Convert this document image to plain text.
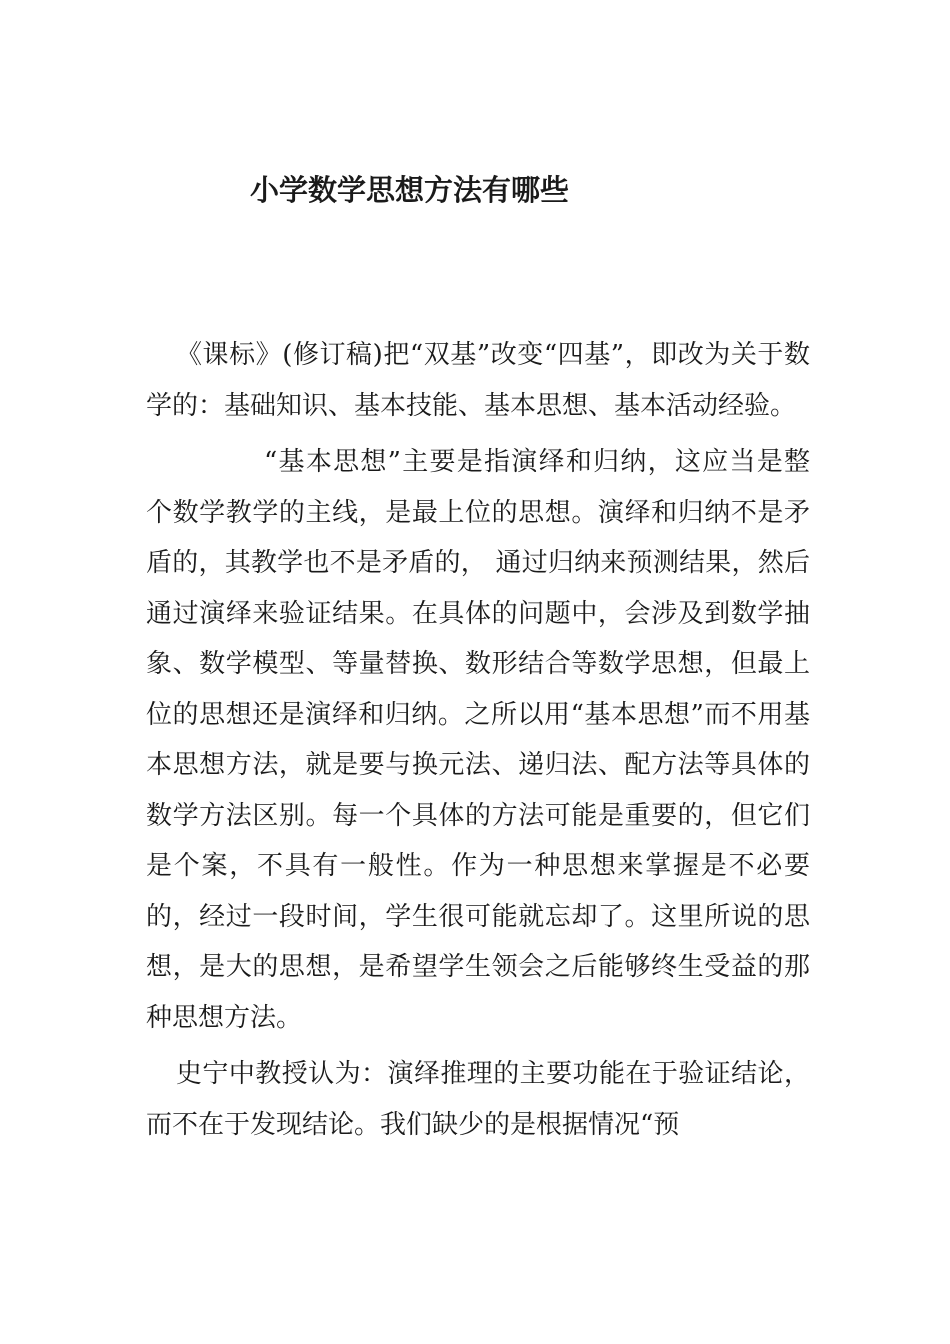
小学数学思想方法有哪些

《课标》(修订稿)把“双基”改变“四基”，即改为关于数学的：基础知识、基本技能、基本思想、基本活动经验。

“基本思想”主要是指演绎和归纳，这应当是整个数学教学的主线，是最上位的思想。演绎和归纳不是矛盾的，其教学也不是矛盾的， 通过归纳来预测结果，然后通过演绎来验证结果。在具体的问题中，会涉及到数学抽象、数学模型、等量替换、数形结合等数学思想，但最上位的思想还是演绎和归纳。之所以用“基本思想”而不用基本思想方法，就是要与换元法、递归法、配方法等具体的数学方法区别。每一个具体的方法可能是重要的，但它们是个案，不具有一般性。作为一种思想来掌握是不必要的，经过一段时间，学生很可能就忘却了。这里所说的思想，是大的思想，是希望学生领会之后能够终生受益的那种思想方法。

史宁中教授认为：演绎推理的主要功能在于验证结论，而不在于发现结论。我们缺少的是根据情况“预
